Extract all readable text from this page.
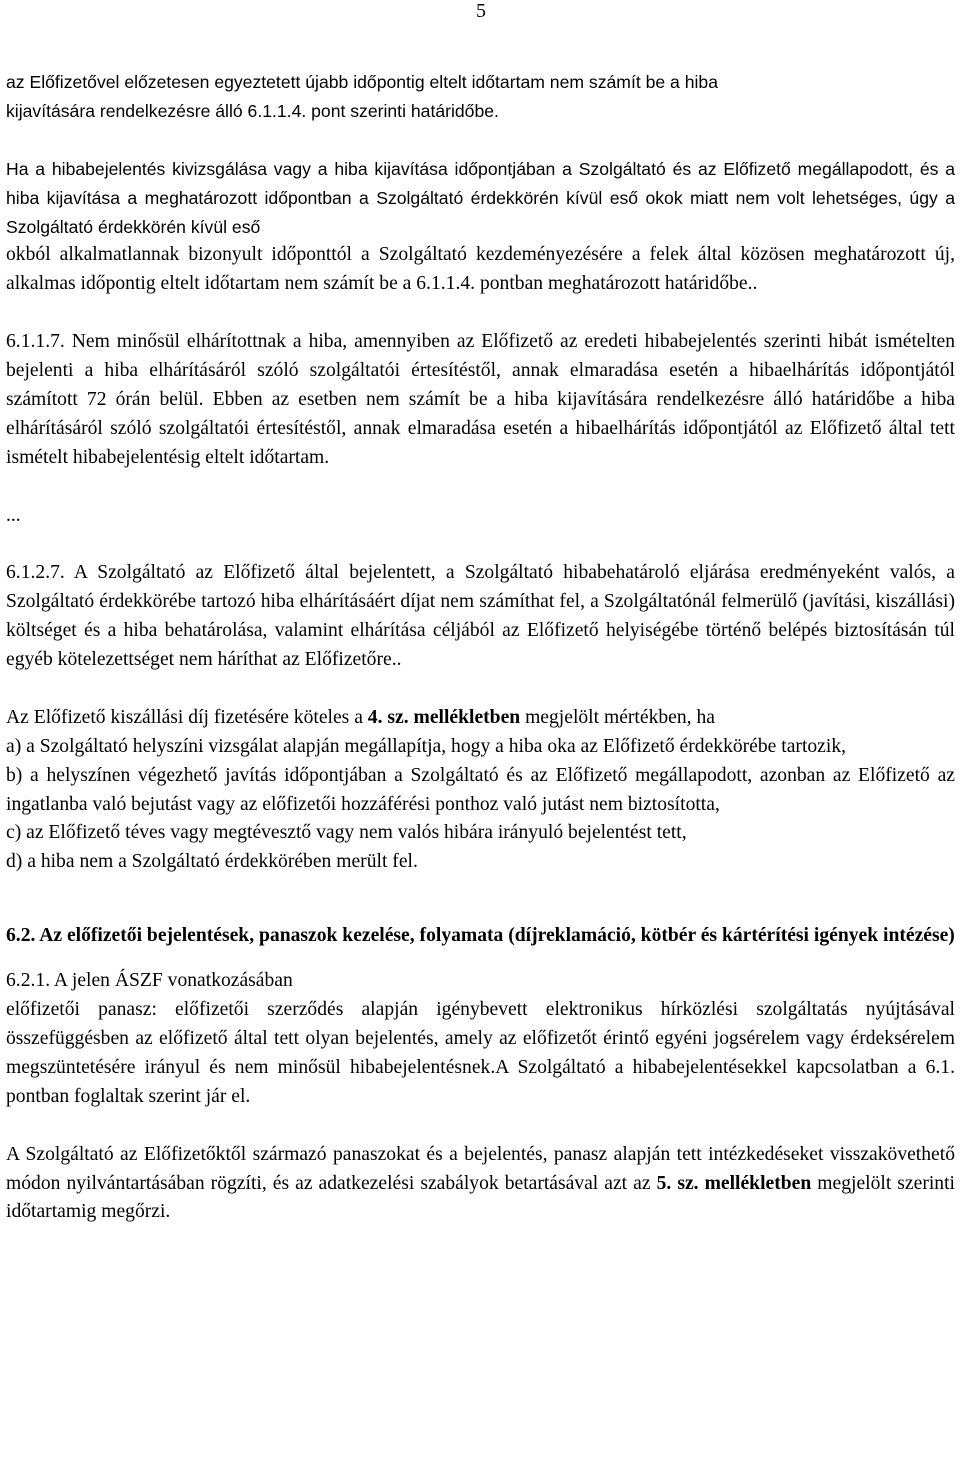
5

az Előfizetővel előzetesen egyeztetett újabb időpontig eltelt időtartam nem számít be a hiba

kijavítására rendelkezésre álló 6.1.1.4. pont szerinti határidőbe.

Ha a hibabejelentés kivizsgálása vagy a hiba kijavítása időpontjában a Szolgáltató és az Előfizető megállapodott, és a hiba kijavítása a meghatározott időpontban a Szolgáltató érdekkörén kívül eső okok miatt nem volt lehetséges, úgy a Szolgáltató érdekkörén kívül eső

okból alkalmatlannak bizonyult időponttól a Szolgáltató kezdeményezésére a felek által közösen meghatározott új, alkalmas időpontig eltelt időtartam nem számít be a 6.1.1.4. pontban meghatározott határidőbe..

6.1.1.7. Nem minősül elhárítottnak a hiba, amennyiben az Előfizető az eredeti hibabejelentés szerinti hibát ismételten bejelenti a hiba elhárításáról szóló szolgáltatói értesítéstől, annak elmaradása esetén a hibaelhárítás időpontjától számított 72 órán belül. Ebben az esetben nem számít be a hiba kijavítására rendelkezésre álló határidőbe a hiba elhárításáról szóló szolgáltatói értesítéstől, annak elmaradása esetén a hibaelhárítás időpontjától az Előfizető által tett ismételt hibabejelentésig eltelt időtartam.

...

6.1.2.7. A Szolgáltató az Előfizető által bejelentett, a Szolgáltató hibabehatároló eljárása eredményeként valós, a Szolgáltató érdekkörébe tartozó hiba elhárításáért díjat nem számíthat fel, a Szolgáltatónál felmerülő (javítási, kiszállási) költséget és a hiba behatárolása, valamint elhárítása céljából az Előfizető helyiségébe történő belépés biztosításán túl egyéb kötelezettséget nem háríthat az Előfizetőre..

Az Előfizető kiszállási díj fizetésére köteles a 4. sz. mellékletben megjelölt mértékben, ha

a) a Szolgáltató helyszíni vizsgálat alapján megállapítja, hogy a hiba oka az Előfizető érdekkörébe tartozik,

b) a helyszínen végezhető javítás időpontjában a Szolgáltató és az Előfizető megállapodott, azonban az Előfizető az ingatlanba való bejutást vagy az előfizetői hozzáférési ponthoz való jutást nem biztosította,

c) az Előfizető téves vagy megtévesztő vagy nem valós hibára irányuló bejelentést tett,

d) a hiba nem a Szolgáltató érdekkörében merült fel.

6.2. Az előfizetői bejelentések, panaszok kezelése, folyamata (díjreklamáció, kötbér és kártérítési igények intézése)

6.2.1. A jelen ÁSZF vonatkozásában

előfizetői panasz: előfizetői szerződés alapján igénybevett elektronikus hírközlési szolgáltatás nyújtásával összefüggésben az előfizető által tett olyan bejelentés, amely az előfizetőt érintő egyéni jogsérelem vagy érdeksérelem megszüntetésére irányul és nem minősül hibabejelentésnek.A Szolgáltató a hibabejelentésekkel kapcsolatban a 6.1. pontban foglaltak szerint jár el.

A Szolgáltató az Előfizetőktől származó panaszokat és a bejelentés, panasz alapján tett intézkedéseket visszakövethető módon nyilvántartásában rögzíti, és az adatkezelési szabályok betartásával azt az 5. sz. mellékletben megjelölt szerinti időtartamig megőrzi.
